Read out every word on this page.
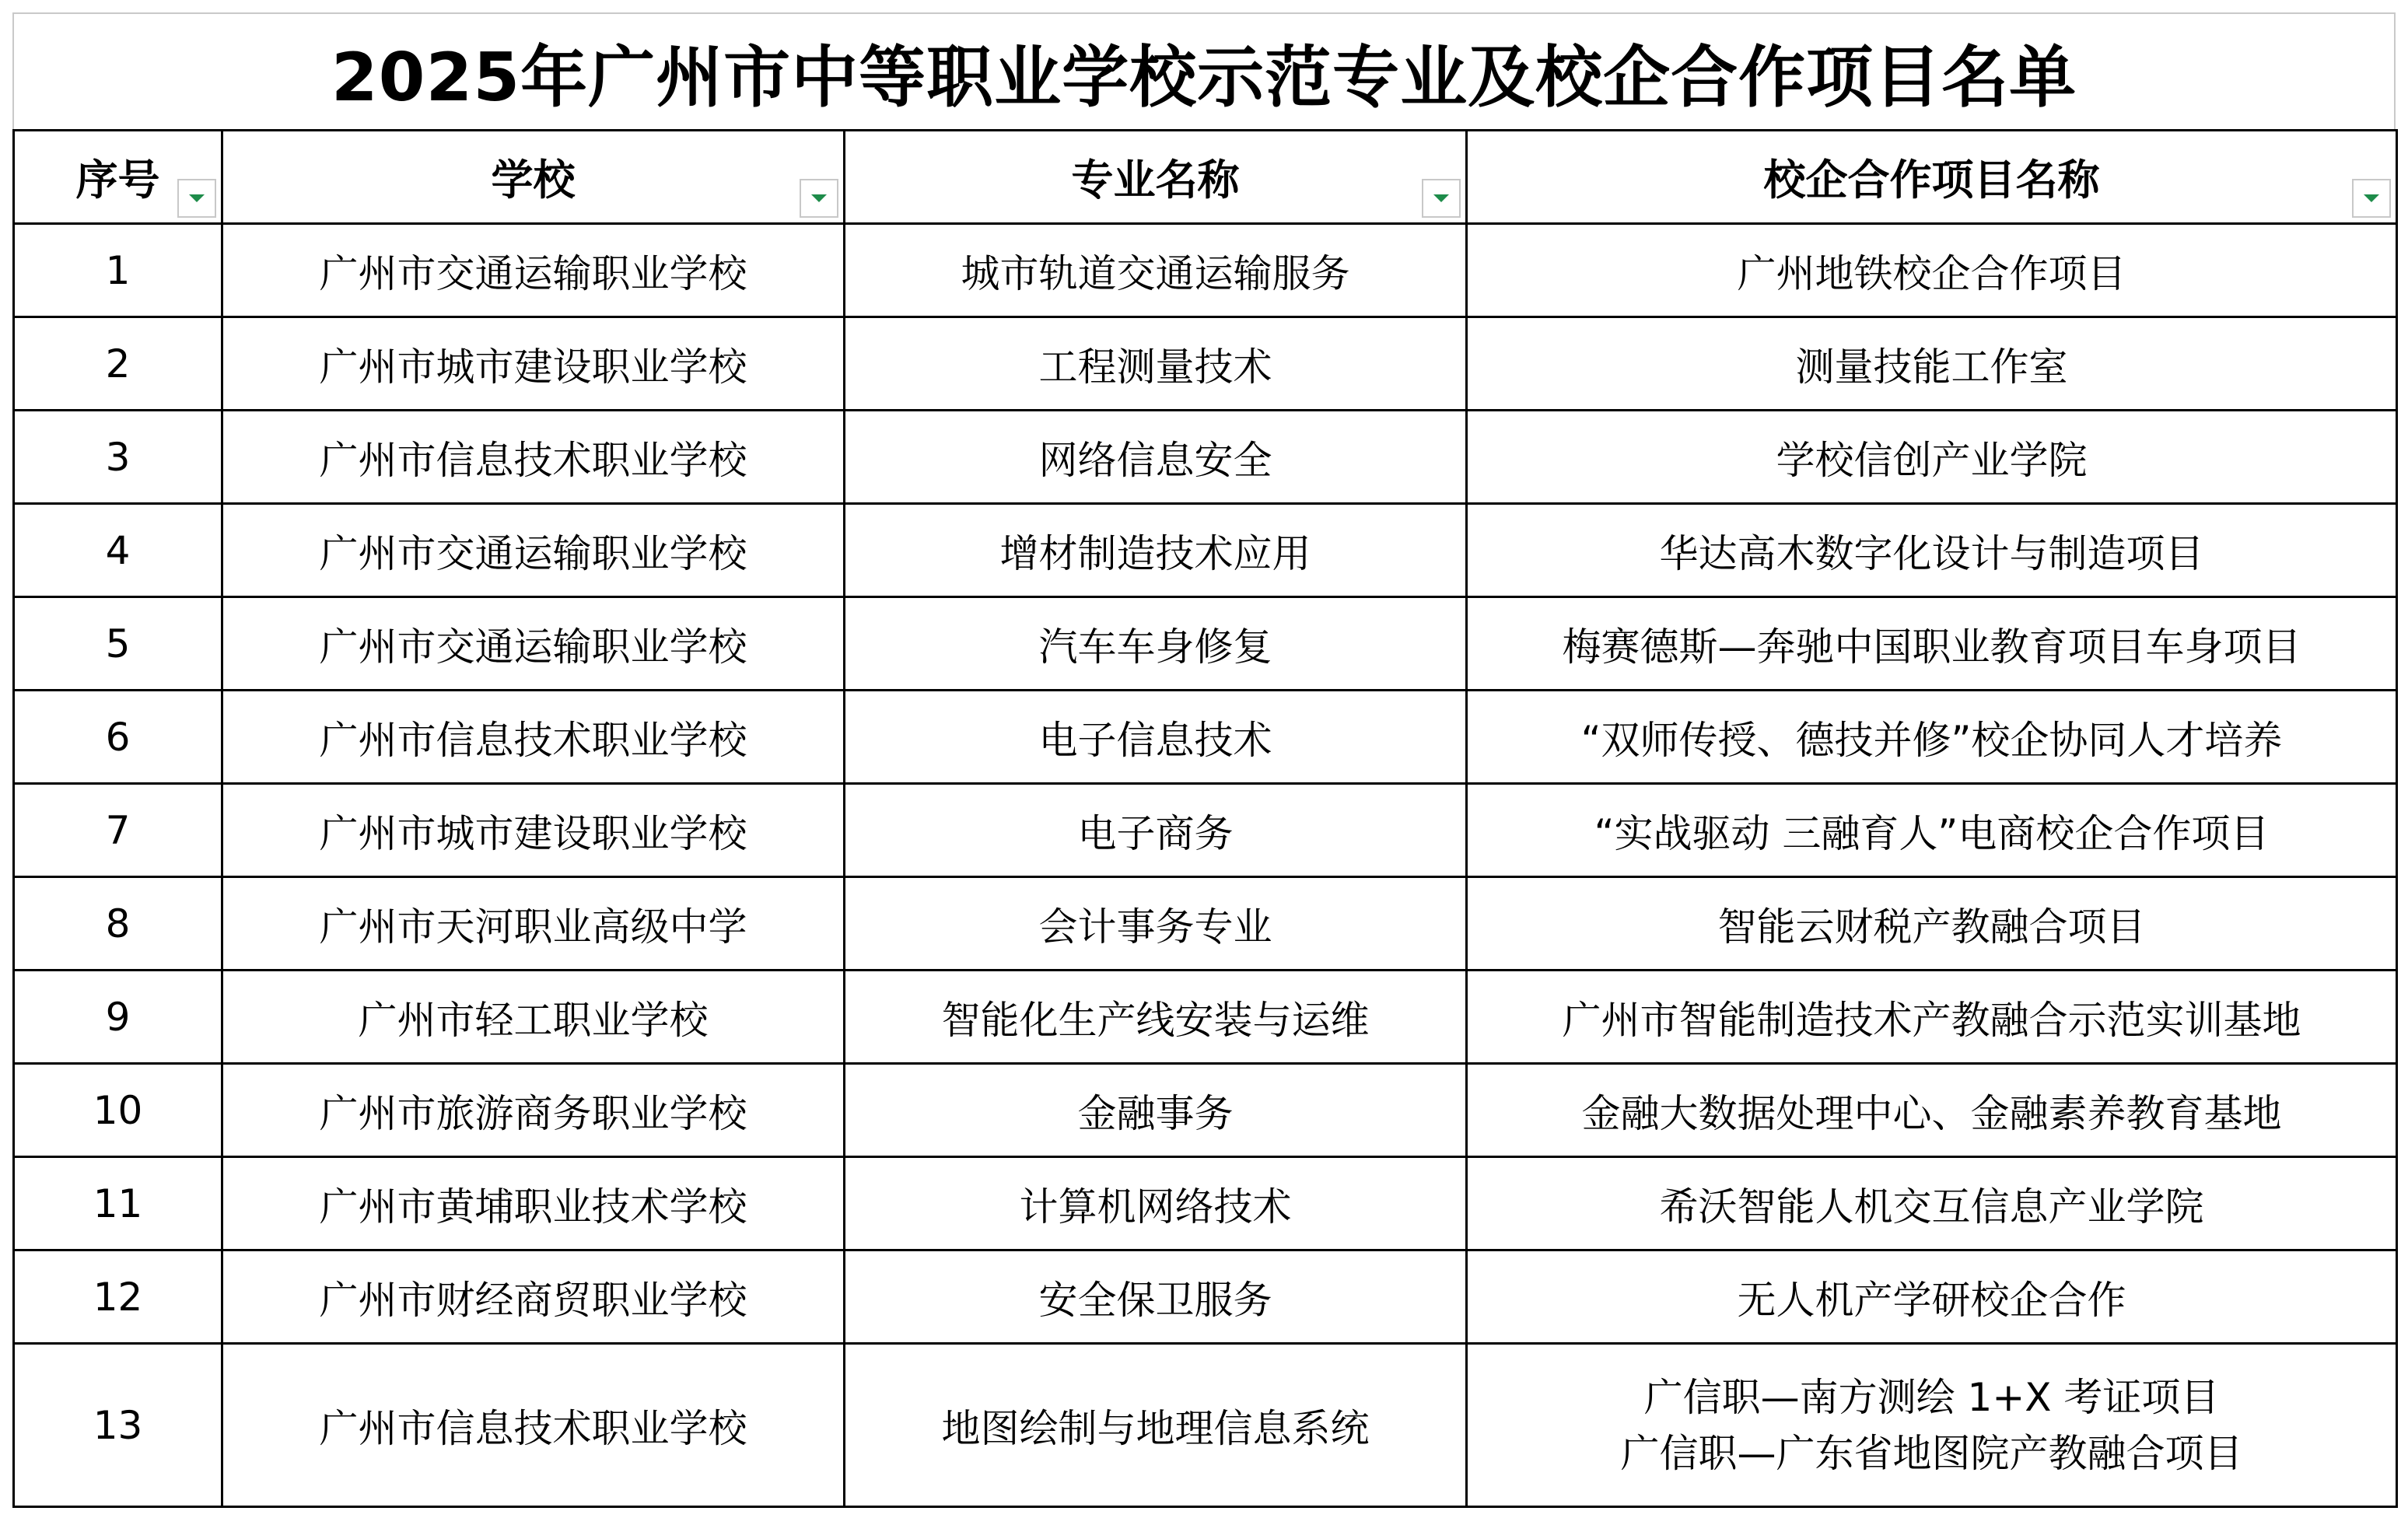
2025年广州市中等职业学校示范专业及校企合作项目名单
序号	学校	专业名称	校企合作项目名称

1	广州市交通运输职业学校	城市轨道交通运输服务	广州地铁校企合作项目
2	广州市城市建设职业学校	工程测量技术	测量技能工作室
3	广州市信息技术职业学校	网络信息安全	学校信创产业学院
4	广州市交通运输职业学校	增材制造技术应用	华达高木数字化设计与制造项目
5	广州市交通运输职业学校	汽车车身修复	梅赛德斯—奔驰中国职业教育项目车身项目
6	广州市信息技术职业学校	电子信息技术	“双师传授、德技并修”校企协同人才培养
7	广州市城市建设职业学校	电子商务	“实战驱动 三融育人”电商校企合作项目
8	广州市天河职业高级中学	会计事务专业	智能云财税产教融合项目
9	广州市轻工职业学校	智能化生产线安装与运维	广州市智能制造技术产教融合示范实训基地
10	广州市旅游商务职业学校	金融事务	金融大数据处理中心、金融素养教育基地
11	广州市黄埔职业技术学校	计算机网络技术	希沃智能人机交互信息产业学院
12	广州市财经商贸职业学校	安全保卫服务	无人机产学研校企合作
13	广州市信息技术职业学校	地图绘制与地理信息系统	广信职—南方测绘 1+X 考证项目
广信职—广东省地图院产教融合项目
